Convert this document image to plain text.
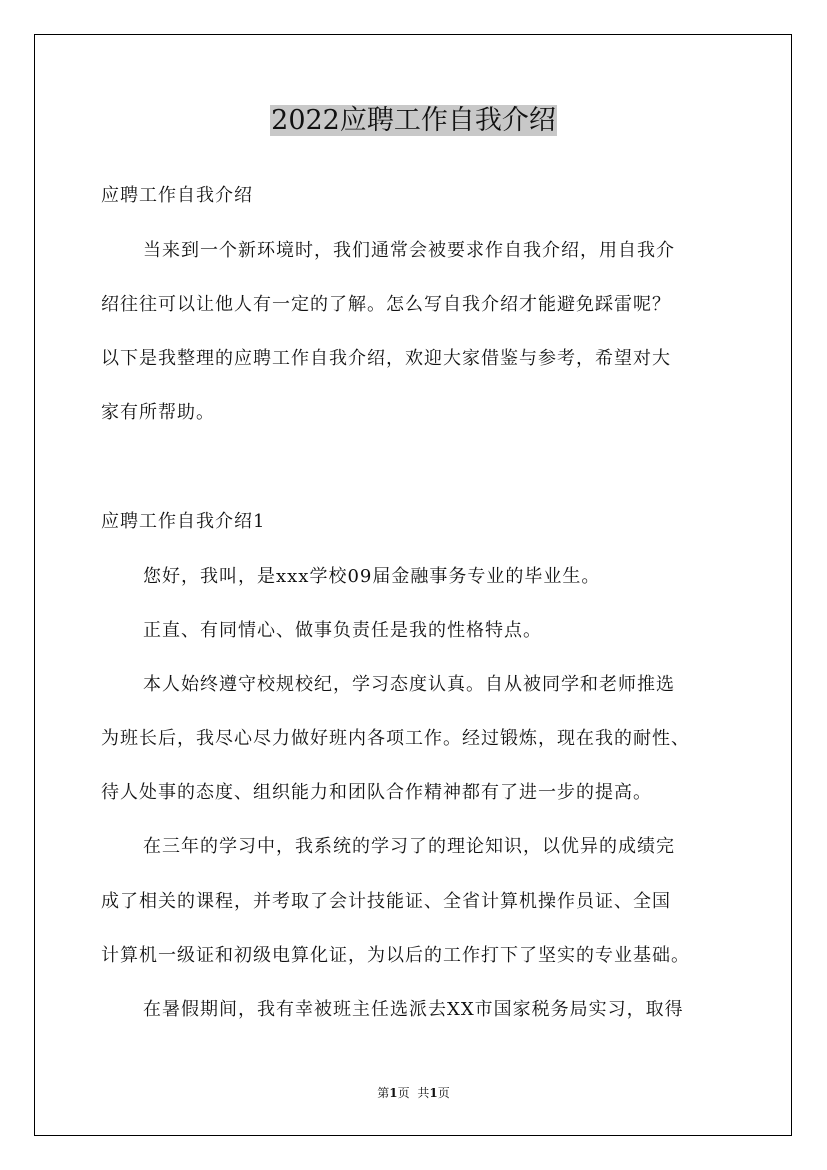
2022应聘工作自我介绍
应聘工作自我介绍
当来到一个新环境时，我们通常会被要求作自我介绍，用自我介
绍往往可以让他人有一定的了解。怎么写自我介绍才能避免踩雷呢？
以下是我整理的应聘工作自我介绍，欢迎大家借鉴与参考，希望对大
家有所帮助。
应聘工作自我介绍1
您好，我叫，是xxx学校09届金融事务专业的毕业生。
正直、有同情心、做事负责任是我的性格特点。
本人始终遵守校规校纪，学习态度认真。自从被同学和老师推选
为班长后，我尽心尽力做好班内各项工作。经过锻炼，现在我的耐性、
待人处事的态度、组织能力和团队合作精神都有了进一步的提高。
在三年的学习中，我系统的学习了的理论知识，以优异的成绩完
成了相关的课程，并考取了会计技能证、全省计算机操作员证、全国
计算机一级证和初级电算化证，为以后的工作打下了坚实的专业基础。
在暑假期间，我有幸被班主任选派去XX市国家税务局实习，取得
第1页 共1页
